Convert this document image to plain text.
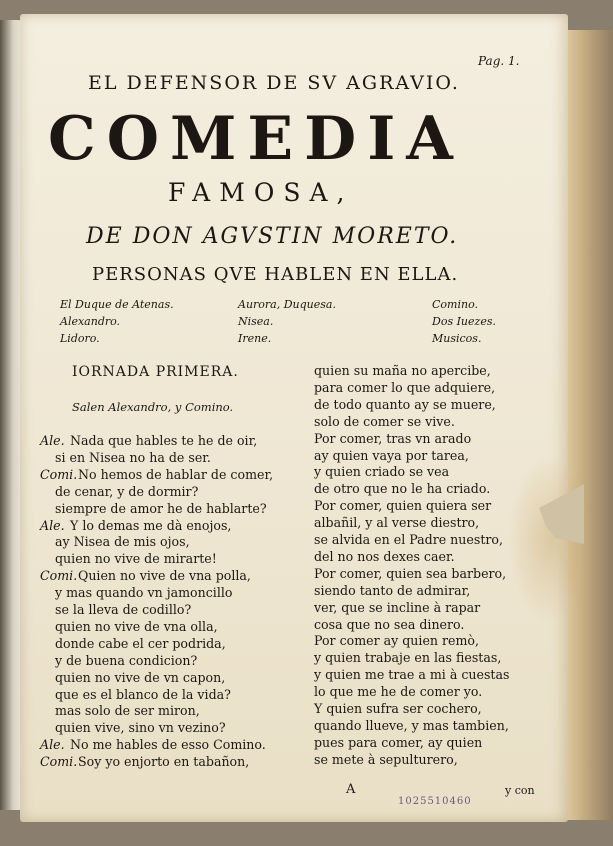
EL DEFENSOR DE SV AGRAVIO.
Pag. 1.
COMEDIA
FAMOSA,
DE DON AGVSTIN MORETO.
PERSONAS QVE HABLEN EN ELLA.
El Duque de Atenas.	Aurora, Duquesa.	Comino.
Alexandro.	Nisea.	Dos Iuezes.
Lidoro.	Irene.	Musicos.
IORNADA PRIMERA.
Salen Alexandro, y Comino.
Ale. Nada que hables te he de oir,
si en Nisea no ha de ser.
Comi. No hemos de hablar de comer,
de cenar, y de dormir?
siempre de amor he de hablarte?
Ale. Y lo demas me dà enojos,
ay Nisea de mis ojos,
quien no vive de mirarte!
Comi. Quien no vive de vna polla,
y mas quando vn jamoncillo
se la lleva de codillo?
quien no vive de vna olla,
donde cabe el cer podrida,
y de buena condicion?
quien no vive de vn capon,
que es el blanco de la vida?
mas solo de ser miron,
quien vive, sino vn vezino?
Ale. No me hables de esso Comino.
Comi. Soy yo enjorto en tabañon,
quien su maña no apercibe,
para comer lo que adquiere,
de todo quanto ay se muere,
solo de comer se vive.
Por comer, tras vn arado
ay quien vaya por tarea,
y quien criado se vea
de otro que no le ha criado.
Por comer, quien quiera ser
albañil, y al verse diestro,
se alvida en el Padre nuestro,
del no nos dexes caer.
Por comer, quien sea barbero,
siendo tanto de admirar,
ver, que se incline à rapar
cosa que no sea dinero.
Por comer ay quien remò,
y quien trabaje en las fiestas,
y quien me trae a mi à cuestas
lo que me he de comer yo.
Y quien sufra ser cochero,
quando llueve, y mas tambien,
pues para comer, ay quien
se mete à sepulturero,
A
1025510460
y con
